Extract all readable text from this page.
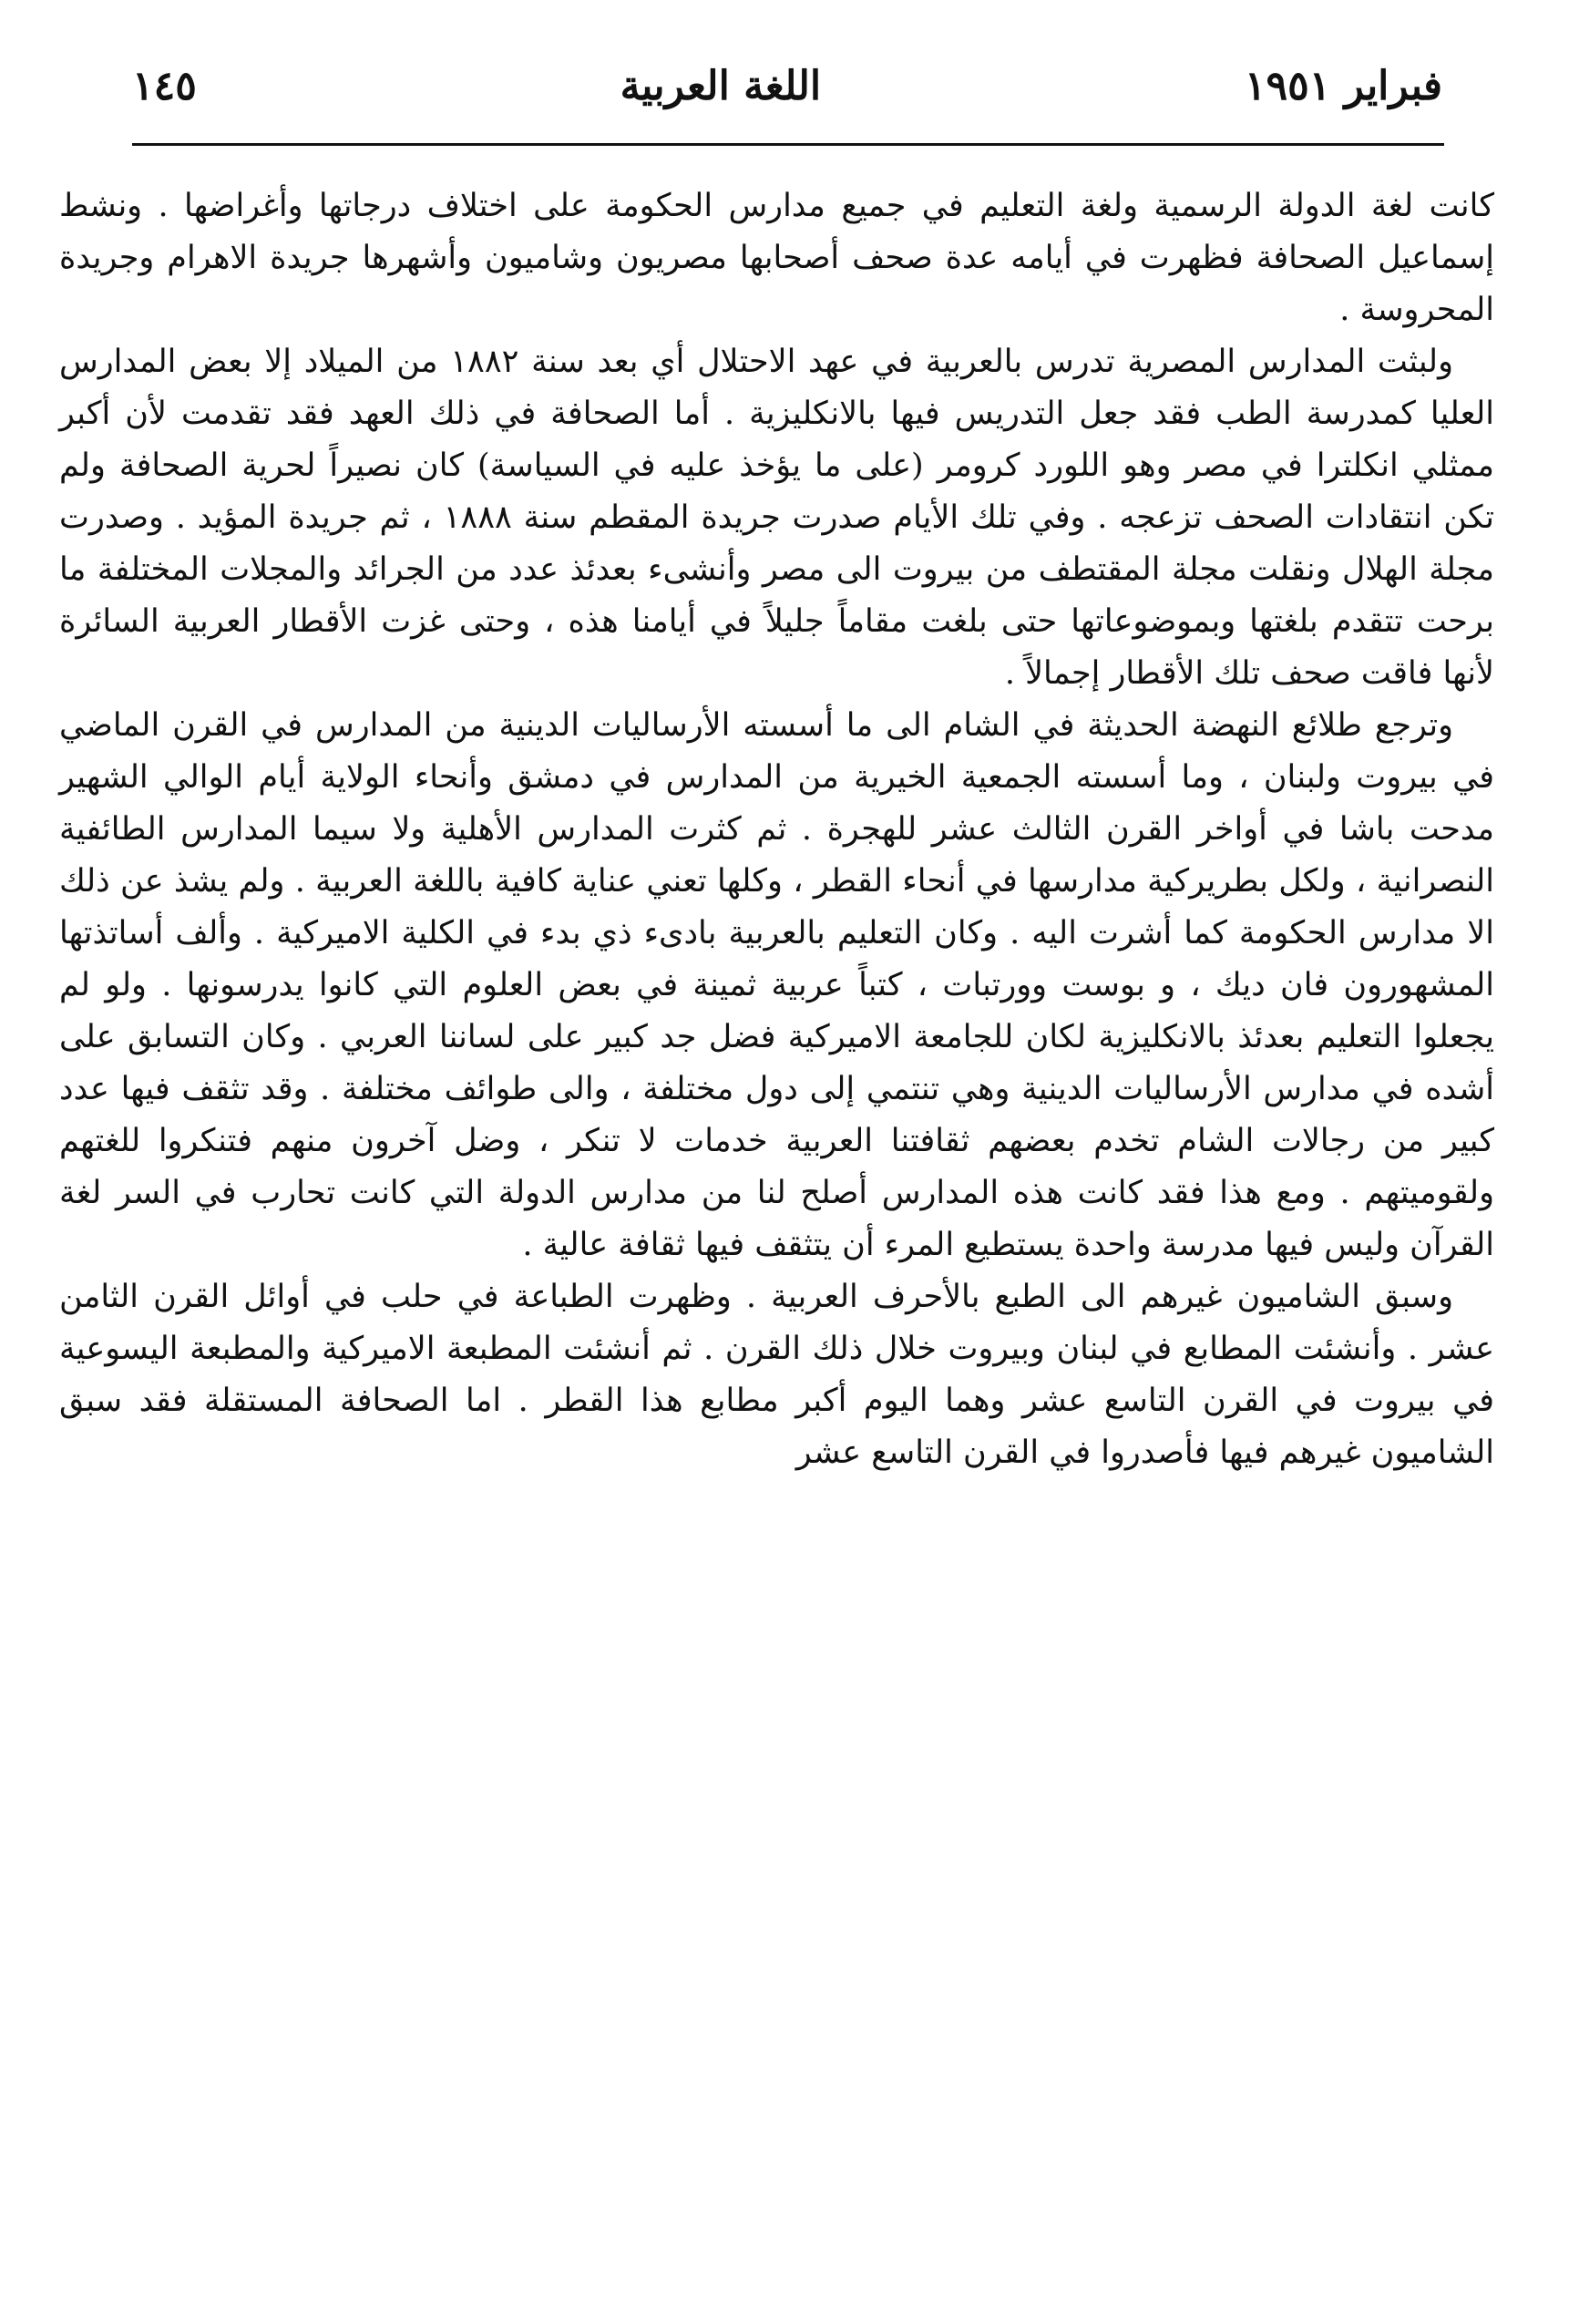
١٤٥	اللغة العربية	فبراير ١٩٥١

كانت لغة الدولة الرسمية ولغة التعليم في جميع مدارس الحكومة على اختلاف درجاتها وأغراضها . ونشط إسماعيل الصحافة فظهرت في أيامه عدة صحف أصحابها مصريون وشاميون وأشهرها جريدة الاهرام وجريدة المحروسة .

ولبثت المدارس المصرية تدرس بالعربية في عهد الاحتلال أي بعد سنة ١٨٨٢ من الميلاد إلا بعض المدارس العليا كمدرسة الطب فقد جعل التدريس فيها بالانكليزية . أما الصحافة في ذلك العهد فقد تقدمت لأن أكبر ممثلي انكلترا في مصر وهو اللورد كرومر (على ما يؤخذ عليه في السياسة) كان نصيراً لحرية الصحافة ولم تكن انتقادات الصحف تزعجه . وفي تلك الأيام صدرت جريدة المقطم سنة ١٨٨٨ ، ثم جريدة المؤيد . وصدرت مجلة الهلال ونقلت مجلة المقتطف من بيروت الى مصر وأنشىء بعدئذ عدد من الجرائد والمجلات المختلفة ما برحت تتقدم بلغتها وبموضوعاتها حتى بلغت مقاماً جليلاً في أيامنا هذه ، وحتى غزت الأقطار العربية السائرة لأنها فاقت صحف تلك الأقطار إجمالاً .

وترجع طلائع النهضة الحديثة في الشام الى ما أسسته الأرساليات الدينية من المدارس في القرن الماضي في بيروت ولبنان ، وما أسسته الجمعية الخيرية من المدارس في دمشق وأنحاء الولاية أيام الوالي الشهير مدحت باشا في أواخر القرن الثالث عشر للهجرة . ثم كثرت المدارس الأهلية ولا سيما المدارس الطائفية النصرانية ، ولكل بطريركية مدارسها في أنحاء القطر ، وكلها تعني عناية كافية باللغة العربية . ولم يشذ عن ذلك الا مدارس الحكومة كما أشرت اليه . وكان التعليم بالعربية بادىء ذي بدء في الكلية الاميركية . وألف أساتذتها المشهورون فان ديك ، و بوست وورتبات ، كتباً عربية ثمينة في بعض العلوم التي كانوا يدرسونها . ولو لم يجعلوا التعليم بعدئذ بالانكليزية لكان للجامعة الاميركية فضل جد كبير على لساننا العربي . وكان التسابق على أشده في مدارس الأرساليات الدينية وهي تنتمي إلى دول مختلفة ، والى طوائف مختلفة . وقد تثقف فيها عدد كبير من رجالات الشام تخدم بعضهم ثقافتنا العربية خدمات لا تنكر ، وضل آخرون منهم فتنكروا للغتهم ولقوميتهم . ومع هذا فقد كانت هذه المدارس أصلح لنا من مدارس الدولة التي كانت تحارب في السر لغة القرآن وليس فيها مدرسة واحدة يستطيع المرء أن يتثقف فيها ثقافة عالية .

وسبق الشاميون غيرهم الى الطبع بالأحرف العربية . وظهرت الطباعة في حلب في أوائل القرن الثامن عشر . وأنشئت المطابع في لبنان وبيروت خلال ذلك القرن . ثم أنشئت المطبعة الاميركية والمطبعة اليسوعية في بيروت في القرن التاسع عشر وهما اليوم أكبر مطابع هذا القطر . اما الصحافة المستقلة فقد سبق الشاميون غيرهم فيها فأصدروا في القرن التاسع عشر
